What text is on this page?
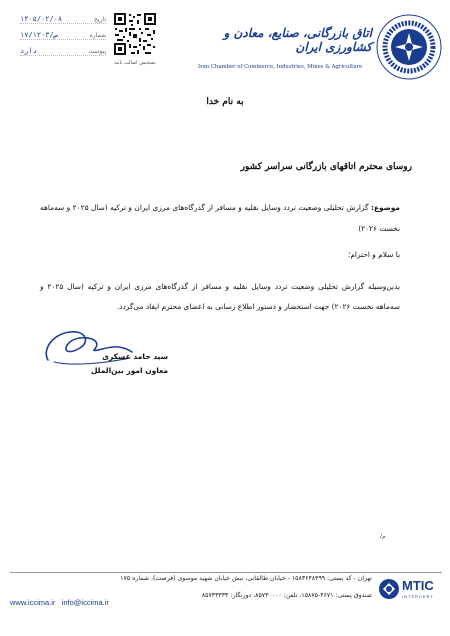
۱۴۰۵/۰۲/۰۸	تاریخ
۱۷/ص/۱۲۰۳	شماره
دارد	پیوست
تشخیص اصالت نامه
اتاق بازرگانی، صنایع، معادن و کشاورزی ایران
Iran Chamber of Commerce, Industries, Mines & Agriculture
به نام خدا
روسای محترم اتاقهای بازرگانی سراسر کشور
موضوع: گزارش تحلیلی وضعیت تردد وسایل نقلیه و مسافر از گذرگاه‌های مرزی ایران و ترکیه (سال ۲۰۲۵ و سه‌ماهه نخست ۲۰۲۶)
با سلام و احترام؛
بدین‌وسیله گزارش تحلیلی وضعیت تردد وسایل نقلیه و مسافر از گذرگاه‌های مرزی ایران و ترکیه (سال ۲۰۲۵ و سه‌ماهه نخست ۲۰۲۶) جهت استحضار و دستور اطلاع رسانی به اعضای محترم ایفاد می‌گردد.
سید حامد عسکری
معاون امور بین‌الملل
م/
تهران - کد پستی: ۱۵۸۳۶۴۸۴۹۹ - خیابان طالقانی، نبش خیابان شهید موسوی (فرصت)، شماره ۱۷۵
صندوق پستی: ۴۶۷۱-۱۵۸۷۵، تلفن: ۸۵۷۳۰۰۰۰، دورنگار: ۸۵۷۳۳۳۳۳
www.iccima.ir info@iccima.ir
MTIC
INTERCERT
